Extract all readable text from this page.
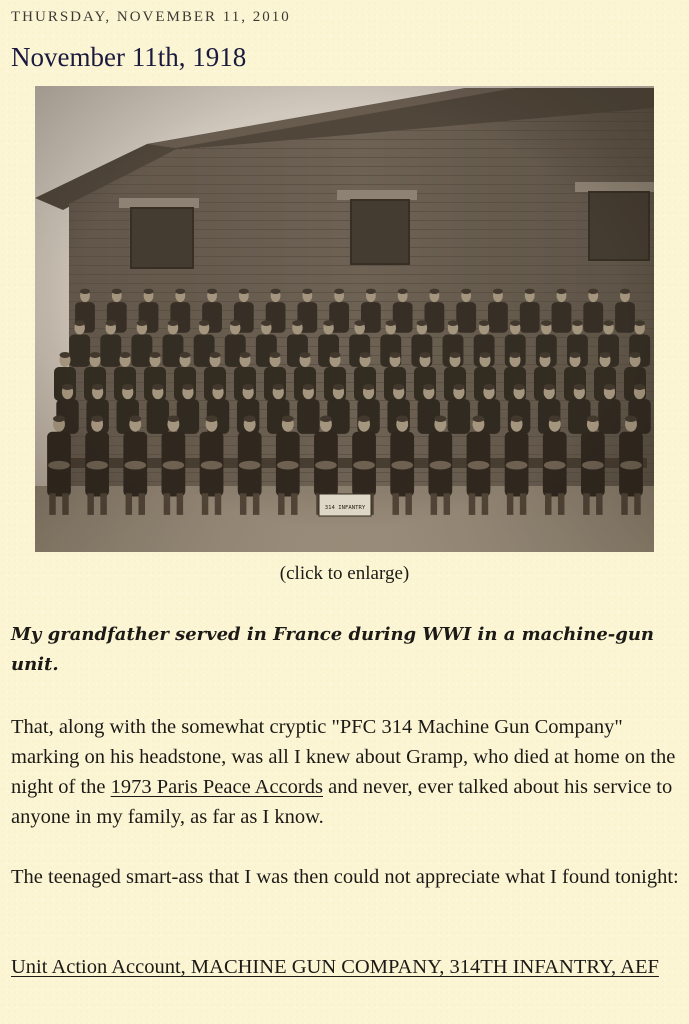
THURSDAY, NOVEMBER 11, 2010
November 11th, 1918

(click to enlarge)

My grandfather served in France during WWI in a machine-gun unit.

That, along with the somewhat cryptic "PFC 314 Machine Gun Company" marking on his headstone, was all I knew about Gramp, who died at home on the night of the 1973 Paris Peace Accords and never, ever talked about his service to anyone in my family, as far as I know.

The teenaged smart-ass that I was then could not appreciate what I found tonight:

Unit Action Account, MACHINE GUN COMPANY, 314TH INFANTRY, AEF
